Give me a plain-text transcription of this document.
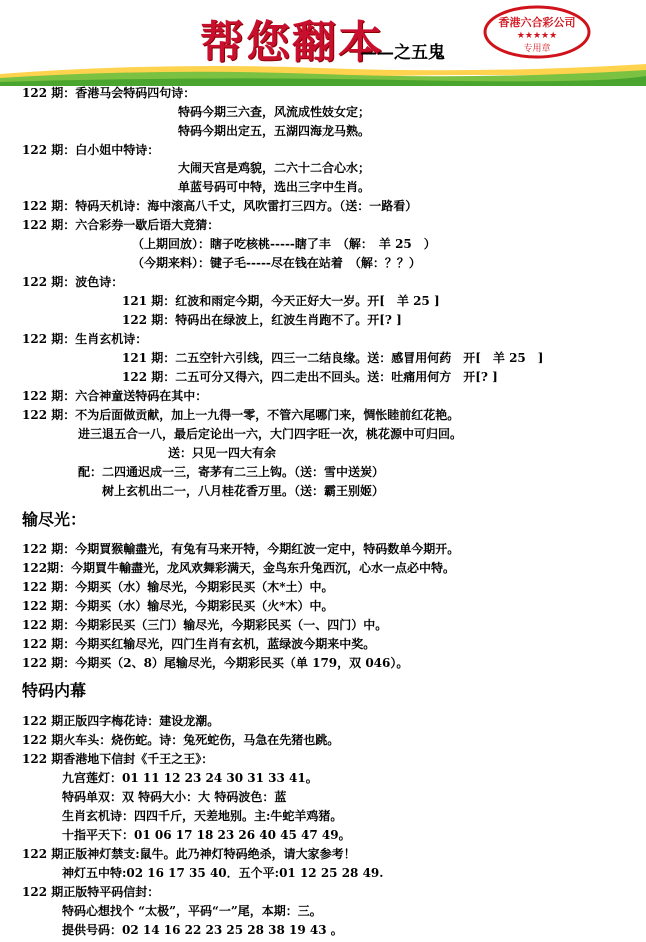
帮您翻本
——之五鬼
香港六合彩公司
★★★★★
专用章
122 期：香港马会特码四句诗：
特码今期三六查，风流成性妓女定；
特码今期出定五，五湖四海龙马熟。
122 期：白小姐中特诗：
大闹天宫是鸡貌，二六十二合心水；
单蓝号码可中特，选出三字中生肖。
122 期：特码天机诗：海中滚高八千丈，风吹雷打三四方。（送：一路看）
122 期：六合彩券一歇后语大竞猜：
（上期回放）：瞎子吃核桃-----瞎了丰　（解：　羊 25　）
（今期来料）：键子毛-----尽在钱在站着　（解：？？）
122 期：波色诗：
121 期：红波和雨定今期，今天正好大一岁。开[　羊 25 ]
122 期：特码出在绿波上，红波生肖跑不了。开[? ]
122 期：生肖玄机诗：
121 期：二五空针六引线，四三一二结良缘。送：感冒用何药　开[　羊 25　]
122 期：二五可分又得六，四二走出不回头。送：吐痛用何方　开[? ]
122 期：六合神童送特码在其中：
122 期：不为后面做贡献，加上一九得一零，不管六尾哪门来，惆怅睦前红花艳。
进三退五合一八，最后定论出一六，大门四字旺一次，桃花源中可归回。
送：只见一四大有余
配：二四通迟成一三，寄茅有二三上钩。（送：雪中送炭）
树上玄机出二一，八月桂花香万里。（送：霸王别姬）
122 期：今期買猴輸盡光，有兔有马来开特，今期红波一定中，特码数单今期开。
122期：今期買牛輸盡光，龙风欢舞彩满天，金鸟东升兔西沉，心水一点必中特。
122 期：今期买（水）输尽光，今期彩民买（木*土）中。
122 期：今期买（水）输尽光，今期彩民买（火*木）中。
122 期：今期彩民买（三门）输尽光，今期彩民买（一、四门）中。
122 期：今期买红输尽光，四门生肖有玄机，蓝绿波今期来中奖。
122 期：今期买（2、8）尾输尽光，今期彩民买（单 179，双 046）。
122 期正版四字梅花诗：建设龙潮。
122 期火车头：烧伤蛇。诗：兔死蛇伤，马急在先猪也跳。
122 期香港地下信封《千王之王》：
九宫莲灯：01 11 12 23 24 30 31 33 41。
特码单双：双 特码大小：大 特码波色：蓝
生肖玄机诗：四四千斤，天差地别。主:牛蛇羊鸡猪。
十指平天下：01 06 17 18 23 26 40 45 47 49。
122 期正版神灯禁支:鼠牛。此乃神灯特码绝杀，请大家参考！
神灯五中特:02 16 17 35 40．五个平:01 12 25 28 49.
122 期正版特平码信封：
特码心想找个 “太极”，平码“一”尾，本期：三。
提供号码：02 14 16 22 23 25 28 38 19 43 。
输尽光：
特码内幕
